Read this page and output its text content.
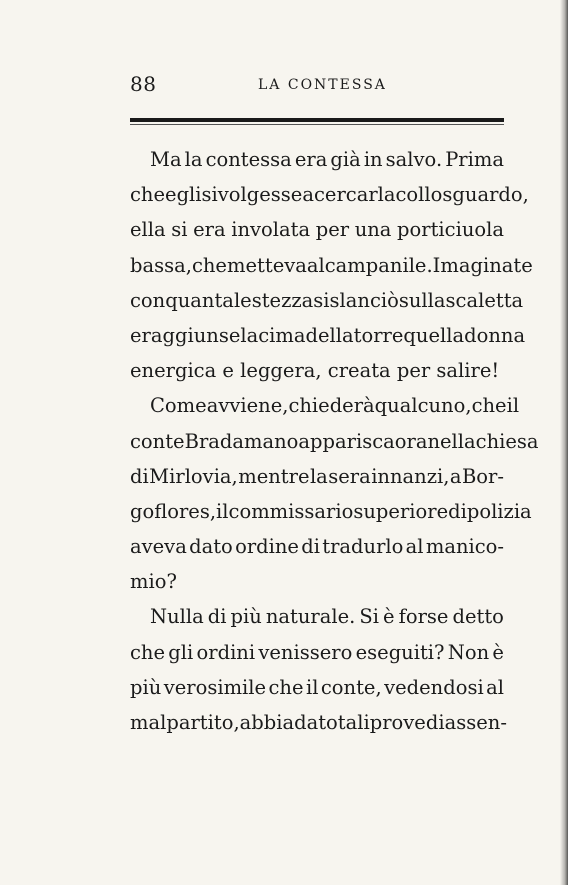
88	LA CONTESSA
Ma la contessa era già in salvo. Prima
che egli si volgesse a cercarla collo sguardo,
ella si era involata per una porticiuola
bassa, che metteva al campanile. Imaginate
con quanta lestezza si slanciò sulla scaletta
e raggiunse la cima della torre quella donna
energica e leggera, creata per salire!
Come avviene, chiederà qualcuno, che il
conte Bradamano apparisca ora nella chiesa
di Mirlovia, mentre la sera innanzi, a Bor-
goflores, il commissario superiore di polizia
aveva dato ordine di tradurlo al manico-
mio?
Nulla di più naturale. Si è forse detto
che gli ordini venissero eseguiti? Non è
più verosimile che il conte, vedendosi al
mal partito, abbia dato tali prove di assen-
